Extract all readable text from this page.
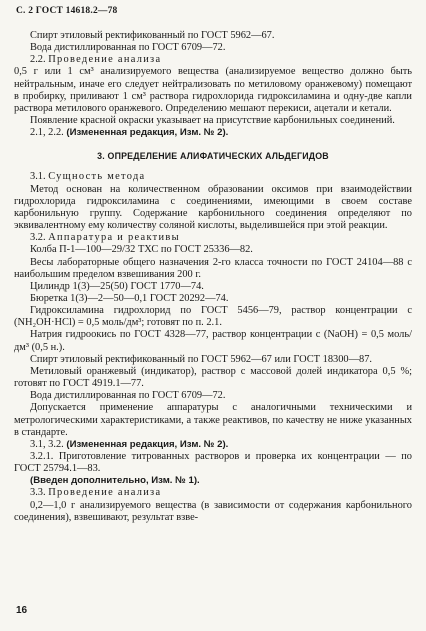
С. 2 ГОСТ 14618.2—78

Спирт этиловый ректификованный по ГОСТ 5962—67.

Вода дистиллированная по ГОСТ 6709—72.

2.2. Проведение анализа

0,5 г или 1 см³ анализируемого вещества (анализируемое вещество должно быть нейтральным, иначе его следует нейтрализовать по метиловому оранжевому) помещают в пробирку, приливают 1 см³ раствора гидрохлорида гидроксиламина и одну-две капли раствора метилового оранжевого. Определению мешают перекиси, ацетали и кетали.

Появление красной окраски указывает на присутствие карбонильных соединений.

2.1, 2.2. (Измененная редакция, Изм. № 2).

3. ОПРЕДЕЛЕНИЕ АЛИФАТИЧЕСКИХ АЛЬДЕГИДОВ

3.1. Сущность метода

Метод основан на количественном образовании оксимов при взаимодействии гидрохлорида гидроксиламина с соединениями, имеющими в своем составе карбонильную группу. Содержание карбонильного соединения определяют по эквивалентному ему количеству соляной кислоты, выделившейся при этой реакции.

3.2. Аппаратура и реактивы

Колба П-1—100—29/32 ТХС по ГОСТ 25336—82.

Весы лабораторные общего назначения 2-го класса точности по ГОСТ 24104—88 с наибольшим пределом взвешивания 200 г.

Цилиндр 1(3)—25(50) ГОСТ 1770—74.

Бюретка 1(3)—2—50—0,1 ГОСТ 20292—74.

Гидроксиламина гидрохлорид по ГОСТ 5456—79, раствор концентрации c (NH₂OH·HCl) = 0,5 моль/дм³; готовят по п. 2.1.

Натрия гидроокись по ГОСТ 4328—77, раствор концентрации c (NaOH) = 0,5 моль/дм³ (0,5 н.).

Спирт этиловый ректификованный по ГОСТ 5962—67 или ГОСТ 18300—87.

Метиловый оранжевый (индикатор), раствор с массовой долей индикатора 0,5 %; готовят по ГОСТ 4919.1—77.

Вода дистиллированная по ГОСТ 6709—72.

Допускается применение аппаратуры с аналогичными техническими и метрологическими характеристиками, а также реактивов, по качеству не ниже указанных в стандарте.

3.1, 3.2. (Измененная редакция, Изм. № 2).

3.2.1. Приготовление титрованных растворов и проверка их концентрации — по ГОСТ 25794.1—83.

(Введен дополнительно, Изм. № 1).

3.3. Проведение анализа

0,2—1,0 г анализируемого вещества (в зависимости от содержания карбонильного соединения), взвешивают, результат взве-

16
